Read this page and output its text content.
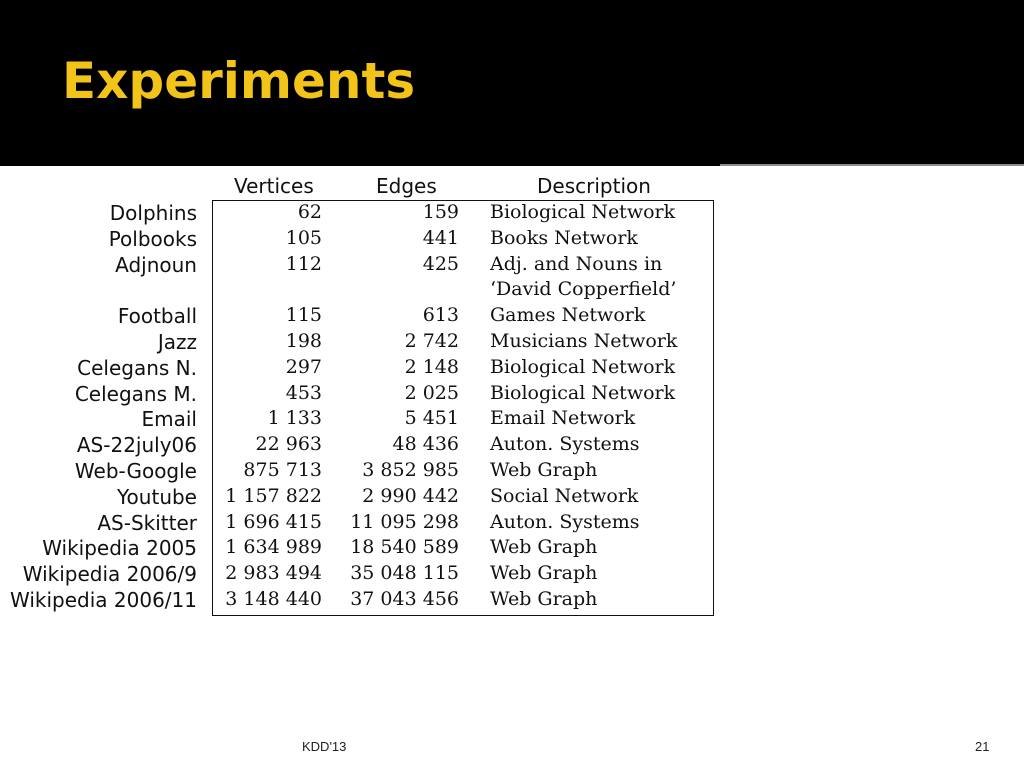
Experiments
Vertices	Edges	Description
Dolphins	62	159 Biological Network
Polbooks	105	441 Books Network
Adjnoun	112	425 Adj. and Nouns in
‘David Copperfield’
Football	115	613 Games Network
Jazz	198	2 742 Musicians Network
Celegans N.	297	2 148 Biological Network
Celegans M.	453	2 025 Biological Network
Email	1 133	5 451 Email Network
AS-22july06	22 963	48 436 Auton. Systems
Web-Google	875 713	3 852 985 Web Graph
Youtube	1 157 822	2 990 442 Social Network
AS-Skitter	1 696 415	11 095 298 Auton. Systems
Wikipedia 2005	1 634 989	18 540 589 Web Graph
Wikipedia 2006/9	2 983 494	35 048 115 Web Graph
Wikipedia 2006/11	3 148 440	37 043 456 Web Graph
KDD'13	21
